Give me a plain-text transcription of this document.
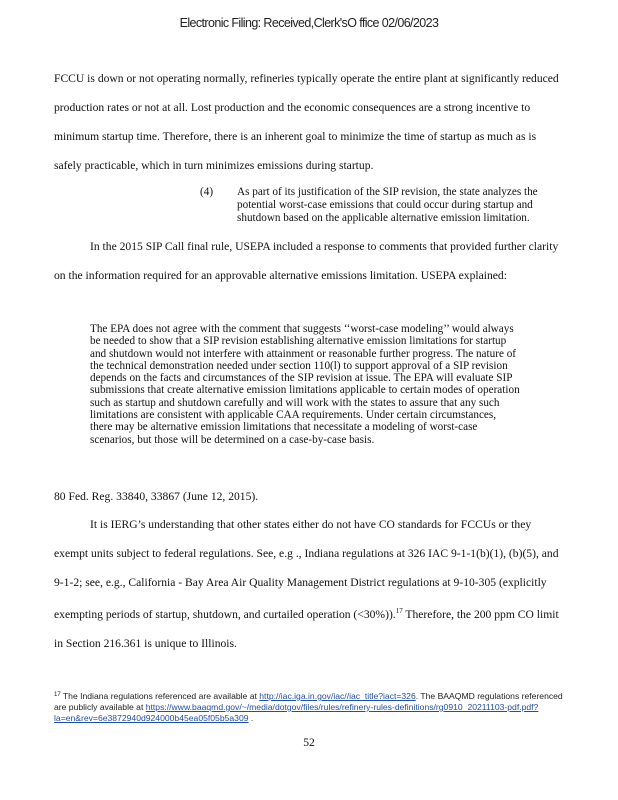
Electronic Filing: Received,Clerk'sO ffice 02/06/2023

FCCU is down or not operating normally, refineries typically operate the entire plant at significantly reduced production rates or not at all. Lost production and the economic consequences are a strong incentive to minimum startup time. Therefore, there is an inherent goal to minimize the time of startup as much as is safely practicable, which in turn minimizes emissions during startup.

(4) As part of its justification of the SIP revision, the state analyzes the potential worst-case emissions that could occur during startup and shutdown based on the applicable alternative emission limitation.

In the 2015 SIP Call final rule, USEPA included a response to comments that provided further clarity on the information required for an approvable alternative emissions limitation. USEPA explained:

The EPA does not agree with the comment that suggests ‘‘worst-case modeling’’ would always be needed to show that a SIP revision establishing alternative emission limitations for startup and shutdown would not interfere with attainment or reasonable further progress. The nature of the technical demonstration needed under section 110(l) to support approval of a SIP revision depends on the facts and circumstances of the SIP revision at issue. The EPA will evaluate SIP submissions that create alternative emission limitations applicable to certain modes of operation such as startup and shutdown carefully and will work with the states to assure that any such limitations are consistent with applicable CAA requirements. Under certain circumstances, there may be alternative emission limitations that necessitate a modeling of worst-case scenarios, but those will be determined on a case-by-case basis.

80 Fed. Reg. 33840, 33867 (June 12, 2015).

It is IERG’s understanding that other states either do not have CO standards for FCCUs or they exempt units subject to federal regulations. See, e.g ., Indiana regulations at 326 IAC 9-1-1(b)(1), (b)(5), and 9-1-2; see, e.g., California - Bay Area Air Quality Management District regulations at 9-10-305 (explicitly exempting periods of startup, shutdown, and curtailed operation (<30%)).$^{17}$ Therefore, the 200 ppm CO limit in Section 216.361 is unique to Illinois.

$^{17}$ The Indiana regulations referenced are available at http://iac.iga.in.gov/iac//iac_title?iact=326. The BAAQMD regulations referenced are publicly available at https://www.baaqmd.gov/~/media/dotgov/files/rules/refinery-rules-definitions/rg0910_20211103-pdf.pdf?la=en&rev=6e3872940d924000b45ea05f05b5a309 .
52
